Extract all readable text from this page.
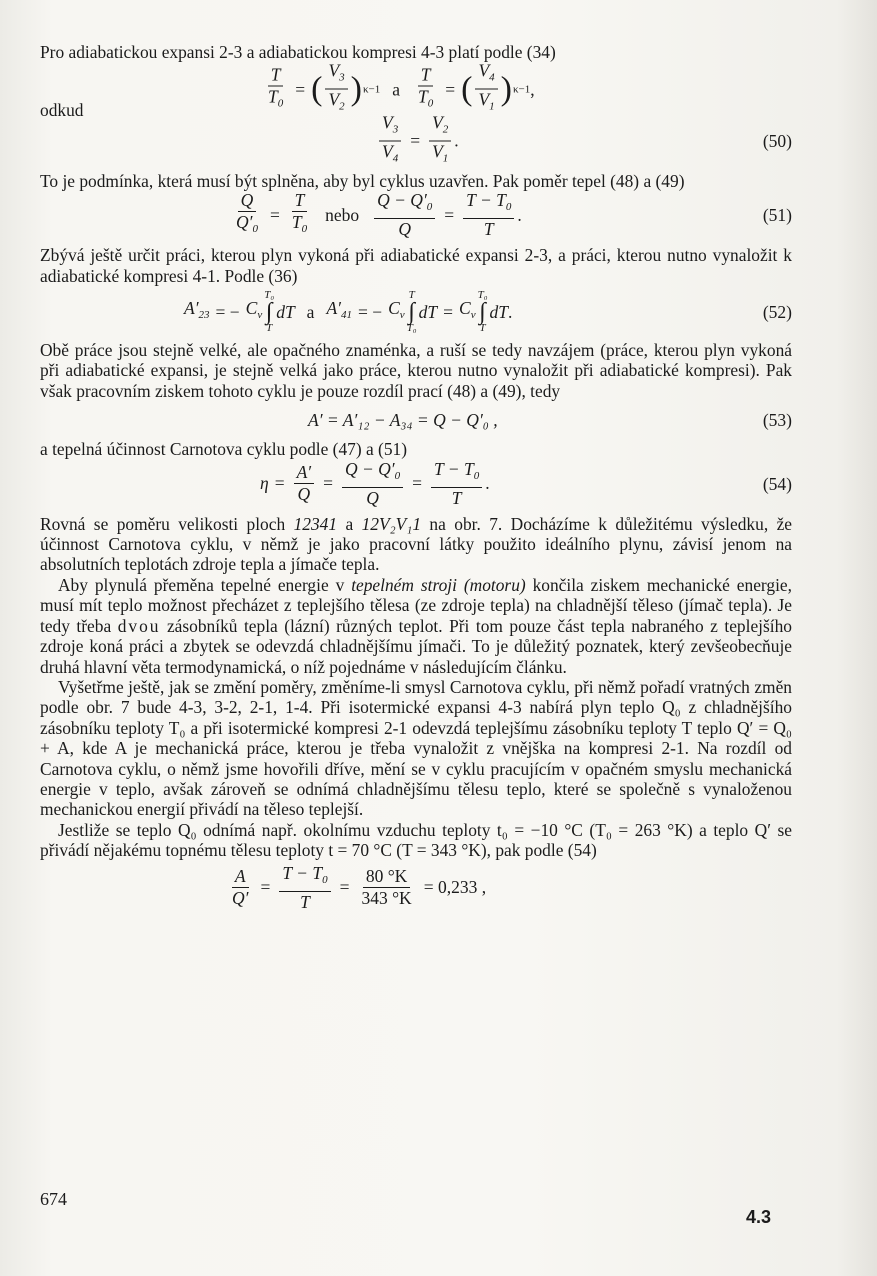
Pro adiabatickou expansi 2-3 a adiabatickou kompresi 4-3 platí podle (34)

$\frac{T}{T_0}$ = ( $\frac{V_3}{V_2}$ ) κ−1 a $\frac{T}{T_0}$ = ( $\frac{V_4}{V_1}$ ) κ−1 ,

odkud

$\frac{V_3}{V_4} = \frac{V_2}{V_1}$ .	(50)

To je podmínka, která musí být splněna, aby byl cyklus uzavřen. Pak poměr tepel (48) a (49)

$\frac{Q}{Q'_0} = \frac{T}{T_0}$ nebo $\frac{Q - Q'_0}{Q} = \frac{T - T_0}{T}$ .	(51)

Zbývá ještě určit práci, kterou plyn vykoná při adiabatické expansi 2-3, a práci, kterou nutno vynaložit k adiabatické kompresi 4-1. Podle (36)

$A'_{23}$ = − $C_v$
T₀
∫
T
dT a $A'_{41}$ = − $C_v$
T
∫
T₀
dT = $C_v$
T₀
∫
T
dT .	(52)

Obě práce jsou stejně velké, ale opačného znaménka, a ruší se tedy navzájem (práce, kterou plyn vykoná při adiabatické expansi, je stejně velká jako práce, kterou nutno vynaložit při adiabatické kompresi). Pak však pracovním ziskem tohoto cyklu je pouze rozdíl prací (48) a (49), tedy

A′ = A′₁₂ − A₃₄ = Q − Q′₀ ,	(53)

a tepelná účinnost Carnotova cyklu podle (47) a (51)

$\eta = \frac{A'}{Q} = \frac{Q - Q'_0}{Q} = \frac{T - T_0}{T}$ .	(54)

Rovná se poměru velikosti ploch 12341 a 12V₂V₁1 na obr. 7. Docházíme k důležitému výsledku, že účinnost Carnotova cyklu, v němž je jako pracovní látky použito ideálního plynu, závisí jenom na absolutních teplotách zdroje tepla a jímače tepla.

Aby plynulá přeměna tepelné energie v tepelném stroji (motoru) končila ziskem mechanické energie, musí mít teplo možnost přecházet z teplejšího tělesa (ze zdroje tepla) na chladnější těleso (jímač tepla). Je tedy třeba dvou zásobníků tepla (lázní) různých teplot. Při tom pouze část tepla nabraného z teplejšího zdroje koná práci a zbytek se odevzdá chladnějšímu jímači. To je důležitý poznatek, který zevšeobecňuje druhá hlavní věta termodynamická, o níž pojednáme v následujícím článku.

Vyšetřme ještě, jak se změní poměry, změníme-li smysl Carnotova cyklu, při němž pořadí vratných změn podle obr. 7 bude 4-3, 3-2, 2-1, 1-4. Při isotermické expansi 4-3 nabírá plyn teplo Q₀ z chladnějšího zásobníku teploty T₀ a při isotermické kompresi 2-1 odevzdá teplejšímu zásobníku teploty T teplo Q′ = Q₀ + A, kde A je mechanická práce, kterou je třeba vynaložit z vnějška na kompresi 2-1. Na rozdíl od Carnotova cyklu, o němž jsme hovořili dříve, mění se v cyklu pracujícím v opačném smyslu mechanická energie v teplo, avšak zároveň se odnímá chladnějšímu tělesu teplo, které se společně s vynaloženou mechanickou energií přivádí na těleso teplejší.

Jestliže se teplo Q₀ odnímá např. okolnímu vzduchu teploty t₀ = −10 °C (T₀ = 263 °K) a teplo Q′ se přivádí nějakému topnému tělesu teploty t = 70 °C (T = 343 °K), pak podle (54)

$\frac{A}{Q'} = \frac{T - T_0}{T} = \frac{80 ^\circ K}{343 ^\circ K} = 0,233$ ,
674
4.3
